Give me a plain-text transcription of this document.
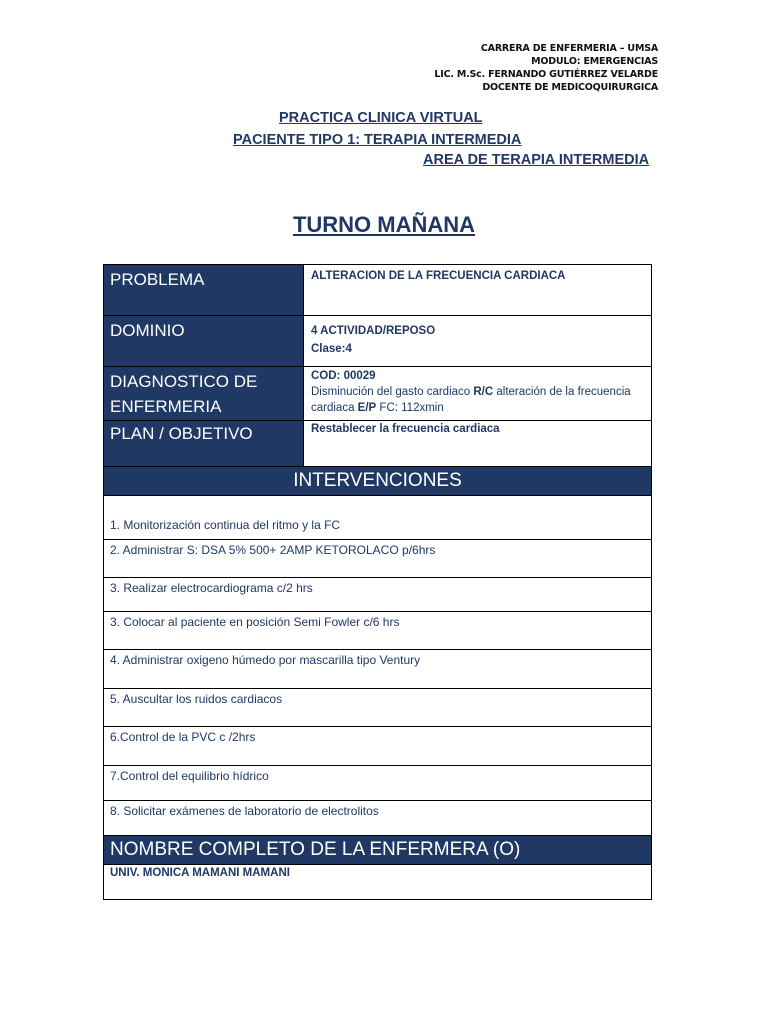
CARRERA DE ENFERMERIA – UMSA
MODULO: EMERGENCIAS
LIC. M.Sc. FERNANDO GUTIÉRREZ VELARDE
DOCENTE DE MEDICOQUIRURGICA
PRACTICA CLINICA VIRTUAL
PACIENTE TIPO 1: TERAPIA INTERMEDIA
AREA DE TERAPIA INTERMEDIA
TURNO MAÑANA
PROBLEMA	ALTERACION DE LA FRECUENCIA CARDIACA
DOMINIO	4 ACTIVIDAD/REPOSO
Clase:4

DIAGNOSTICO DE ENFERMERIA	COD: 00029
Disminución del gasto cardiaco R/C alteración de la frecuencia cardiaca E/P FC: 112xmin

PLAN / OBJETIVO	Restablecer la frecuencia cardiaca
INTERVENCIONES	
1. Monitorización continua del ritmo y la FC	
2. Administrar S: DSA 5% 500+ 2AMP KETOROLACO p/6hrs	
3. Realizar electrocardiograma c/2 hrs	
3. Colocar al paciente en posición Semi Fowler c/6 hrs	
4. Administrar oxigeno húmedo por mascarilla tipo Ventury	
5. Auscultar los ruidos cardiacos	
6.Control de la PVC c /2hrs	
7.Control del equilibrio hídrico	
8. Solicitar exámenes de laboratorio de electrolitos	
NOMBRE COMPLETO DE LA ENFERMERA (O)	
UNIV. MONICA MAMANI MAMANI	
